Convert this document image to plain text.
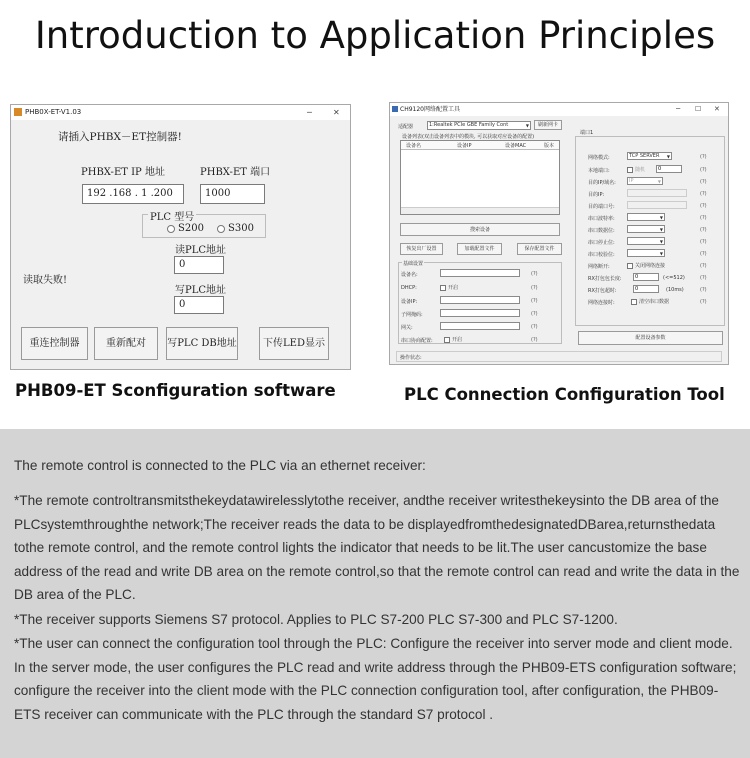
Introduction to Application Principles
PHB0X-ET-V1.03	─	✕
请插入PHBX－ET控制器!
PHBX-ET IP 地址
192 .168 . 1 .200
PHBX-ET 端口
1000
PLC 型号
S200	S300
读PLC地址
0
读取失败!
写PLC地址
0
重连控制器	重新配对	写PLC DB地址	下传LED显示
PHB09-ET Sconfiguration software
CH9120网络配置工具	─ ☐ ✕
适配器	1:Realtek PCIe GBE Family Cont	▼	刷新网卡
设备列表(双击设备列表中的模块, 可以获取对应设备的配置)
设备名	设备IP	设备MAC	版本
搜索设备
恢复出厂设置	加载配置文件	保存配置文件
基础设置
设备名:	(?)
DHCP:	开启	(?)
设备IP:	(?)
子网掩码:	(?)
网关:	(?)
串口协商配置:	开启	(?)
端口1
网络模式:	TCP SERVER ▼	(?)
本地端口:	随机	0	(?)
目的IP/域名:	IP	▼	(?)
目的IP:	(?)
目的端口号:	(?)
串口波特率:	▼	(?)
串口数据位:	▼	(?)
串口停止位:	▼	(?)
串口校验位:	▼	(?)
网络断开:	关闭网络连接	(?)
RX打包包长度:	0	(<=512)	(?)
RX打包超时:	0	(10ms)	(?)
网络连接时:	清空串口数据	(?)
配置设备参数
操作状态:
PLC Connection Configuration Tool
The remote control is connected to the PLC via an ethernet receiver:
*The remote controltransmitsthekeydatawirelesslytothe receiver, andthe receiver writesthekeysinto the DB area of the PLCsystemthroughthe network;The receiver reads the data to be displayedfromthedesignatedDBarea,returnsthedata tothe remote control, and the remote control lights the indicator that needs to be lit.The user cancustomize the base address of the read and write DB area on the remote control,so that the remote control can read and write the data in the DB area of the PLC.
*The receiver supports Siemens S7 protocol. Applies to PLC S7-200 PLC S7-300 and PLC S7-1200.
*The user can connect the configuration tool through the PLC: Configure the receiver into server mode and client mode. In the server mode, the user configures the PLC read and write address through the PHB09-ETS configuration software; configure the receiver into the client mode with the PLC connection configuration tool, after configuration, the PHB09-ETS receiver can communicate with the PLC through the standard S7 protocol .
